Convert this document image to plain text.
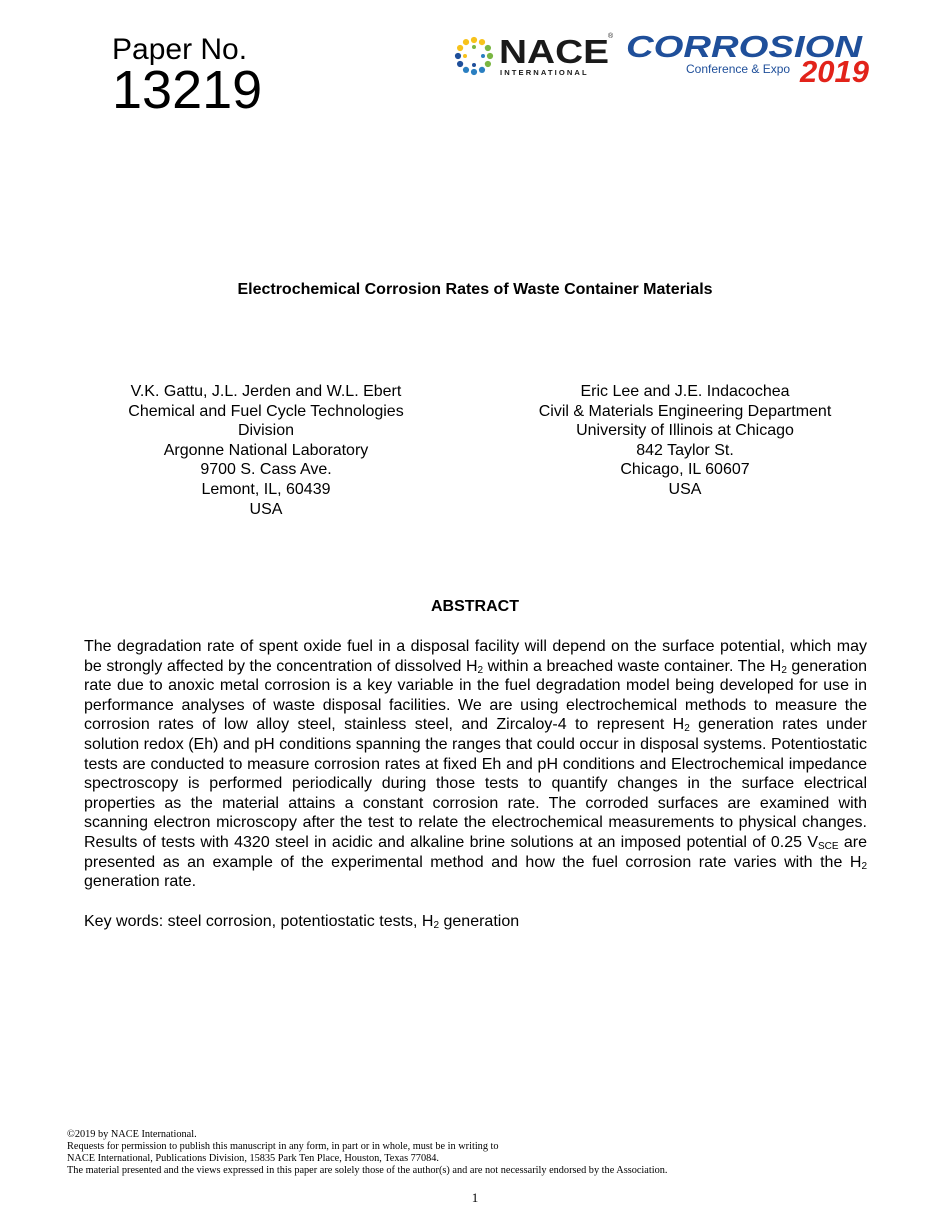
Paper No.
13219
NACE ®
INTERNATIONAL
CORROSION
Conference & Expo 2019
Electrochemical Corrosion Rates of Waste Container Materials
V.K. Gattu, J.L. Jerden and W.L. Ebert
Chemical and Fuel Cycle Technologies
Division
Argonne National Laboratory
9700 S. Cass Ave.
Lemont, IL, 60439
USA
Eric Lee and J.E. Indacochea
Civil & Materials Engineering Department
University of Illinois at Chicago
842 Taylor St.
Chicago, IL 60607
USA
ABSTRACT
The degradation rate of spent oxide fuel in a disposal facility will depend on the surface potential, which may be strongly affected by the concentration of dissolved $H_2$ within a breached waste container. The $H_2$ generation rate due to anoxic metal corrosion is a key variable in the fuel degradation model being developed for use in performance analyses of waste disposal facilities. We are using electrochemical methods to measure the corrosion rates of low alloy steel, stainless steel, and Zircaloy-4 to represent $H_2$ generation rates under solution redox (Eh) and pH conditions spanning the ranges that could occur in disposal systems. Potentiostatic tests are conducted to measure corrosion rates at fixed Eh and pH conditions and Electrochemical impedance spectroscopy is performed periodically during those tests to quantify changes in the surface electrical properties as the material attains a constant corrosion rate. The corroded surfaces are examined with scanning electron microscopy after the test to relate the electrochemical measurements to physical changes. Results of tests with 4320 steel in acidic and alkaline brine solutions at an imposed potential of 0.25 $V_{SCE}$ are presented as an example of the experimental method and how the fuel corrosion rate varies with the $H_2$ generation rate.
Key words: steel corrosion, potentiostatic tests, $H_2$ generation
©2019 by NACE International.
Requests for permission to publish this manuscript in any form, in part or in whole, must be in writing to
NACE International, Publications Division, 15835 Park Ten Place, Houston, Texas 77084.
The material presented and the views expressed in this paper are solely those of the author(s) and are not necessarily endorsed by the Association.
1
